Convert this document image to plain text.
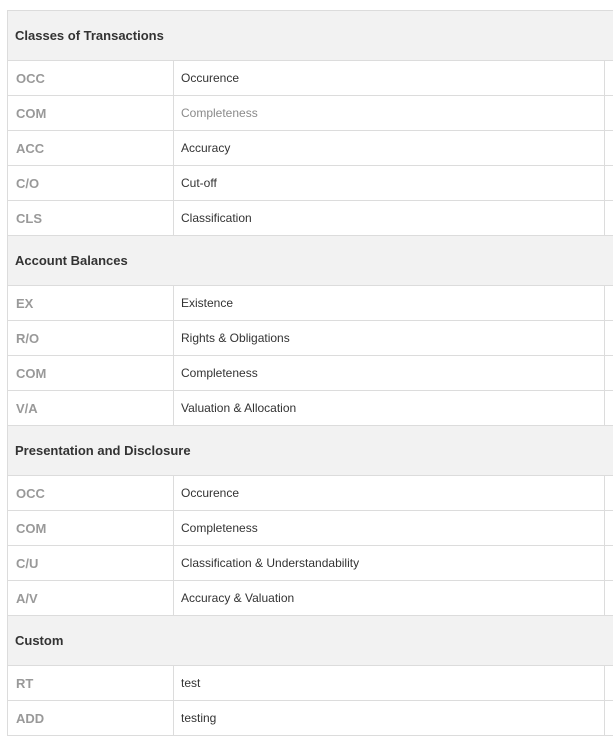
Classes of Transactions
OCC	Occurence
COM	Completeness
ACC	Accuracy
C/O	Cut-off
CLS	Classification
Account Balances
EX	Existence
R/O	Rights & Obligations
COM	Completeness
V/A	Valuation & Allocation
Presentation and Disclosure
OCC	Occurence
COM	Completeness
C/U	Classification & Understandability
A/V	Accuracy & Valuation
Custom
RT	test
ADD	testing
